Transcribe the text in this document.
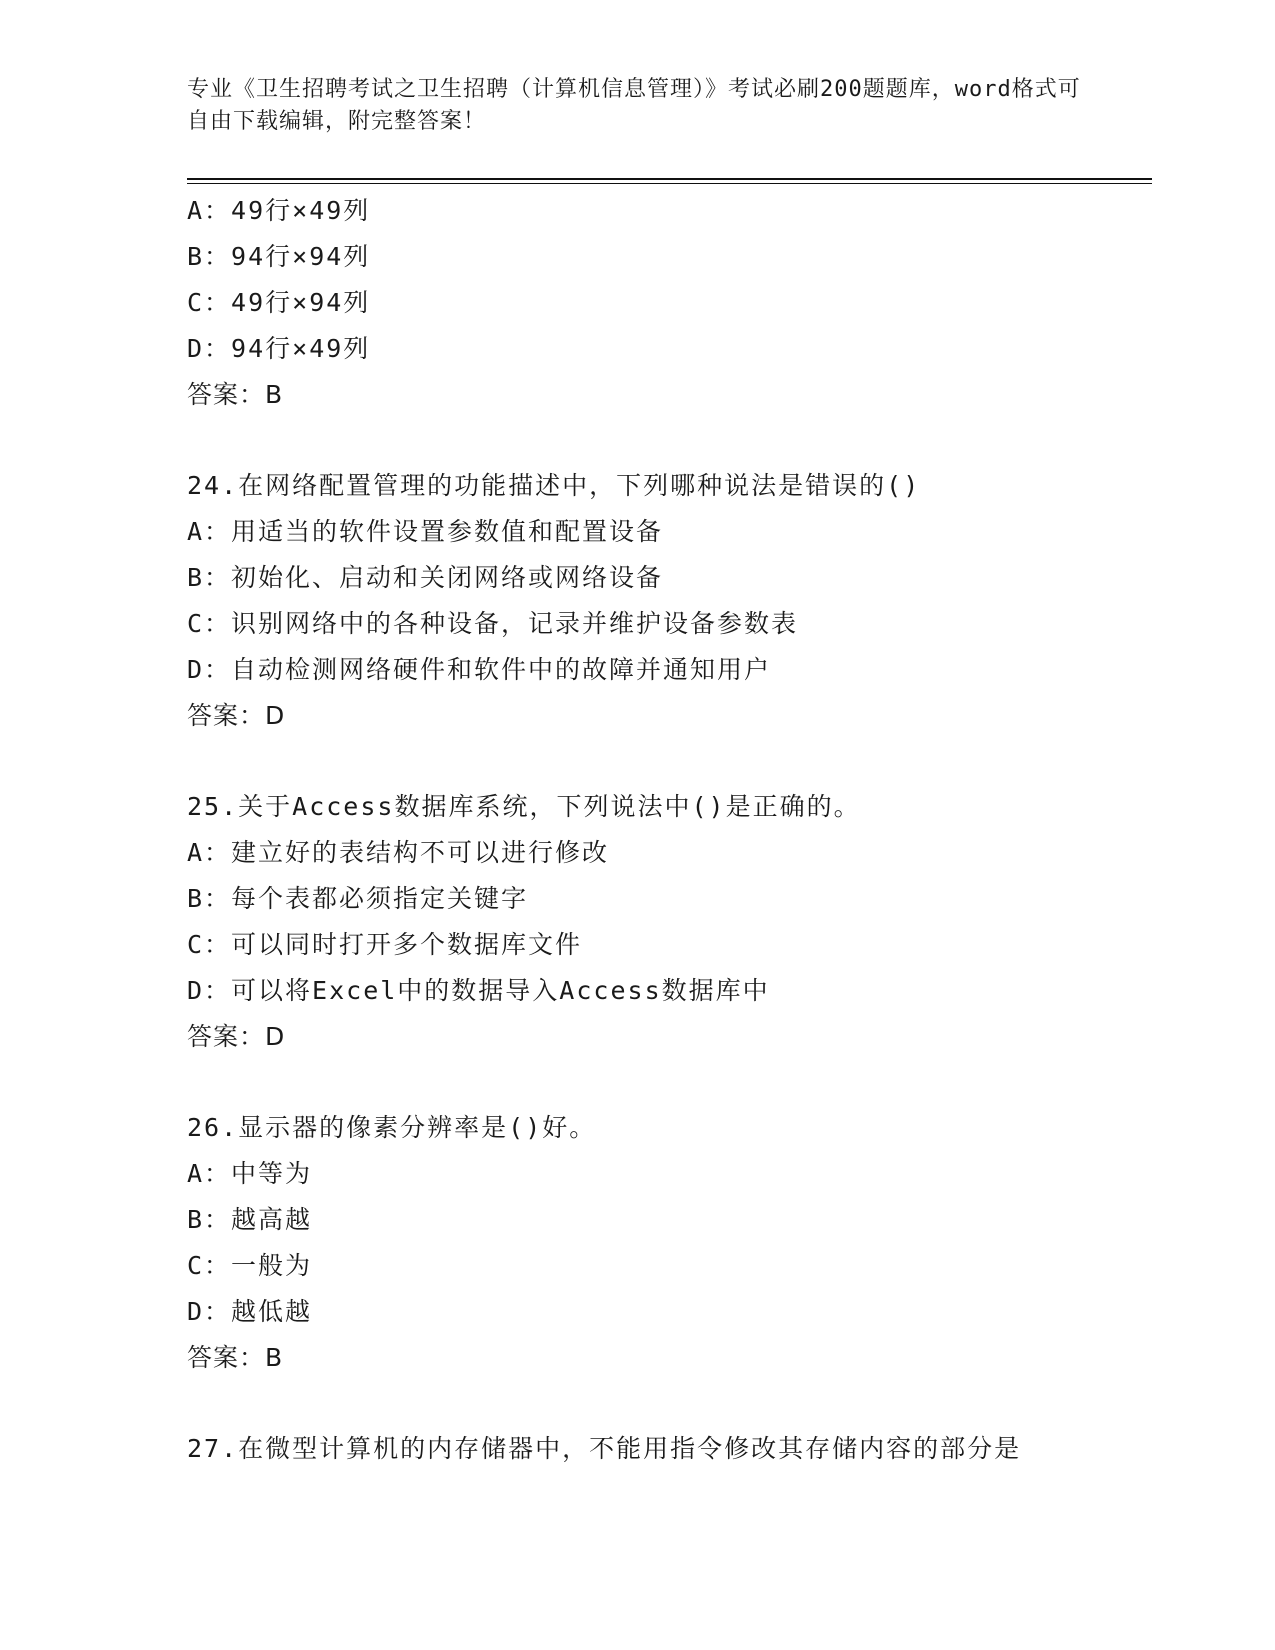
专业《卫生招聘考试之卫生招聘（计算机信息管理）》考试必刷200题题库，word格式可自由下载编辑，附完整答案！
A：49行×49列
B：94行×94列
C：49行×94列
D：94行×49列
答案：B
24.在网络配置管理的功能描述中，下列哪种说法是错误的()
A：用适当的软件设置参数值和配置设备
B：初始化、启动和关闭网络或网络设备
C：识别网络中的各种设备，记录并维护设备参数表
D：自动检测网络硬件和软件中的故障并通知用户
答案：D
25.关于Access数据库系统，下列说法中()是正确的。
A：建立好的表结构不可以进行修改
B：每个表都必须指定关键字
C：可以同时打开多个数据库文件
D：可以将Excel中的数据导入Access数据库中
答案：D
26.显示器的像素分辨率是()好。
A：中等为
B：越高越
C：一般为
D：越低越
答案：B
27.在微型计算机的内存储器中，不能用指令修改其存储内容的部分是
